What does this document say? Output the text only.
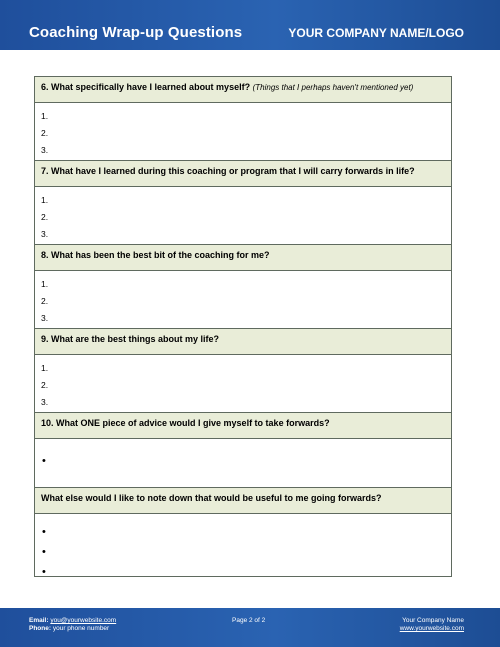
Coaching Wrap-up Questions	YOUR COMPANY NAME/LOGO
6. What specifically have I learned about myself? (Things that I perhaps haven't mentioned yet)
1.
2.
3.
7. What have I learned during this coaching or program that I will carry forwards in life?
1.
2.
3.
8. What has been the best bit of the coaching for me?
1.
2.
3.
9. What are the best things about my life?
1.
2.
3.
10. What ONE piece of advice would I give myself to take forwards?
•
What else would I like to note down that would be useful to me going forwards?
•
•
•
Email: you@yourwebsite.com
Phone: your phone number
Page 2 of 2	Your Company Name
www.yourwebsite.com
